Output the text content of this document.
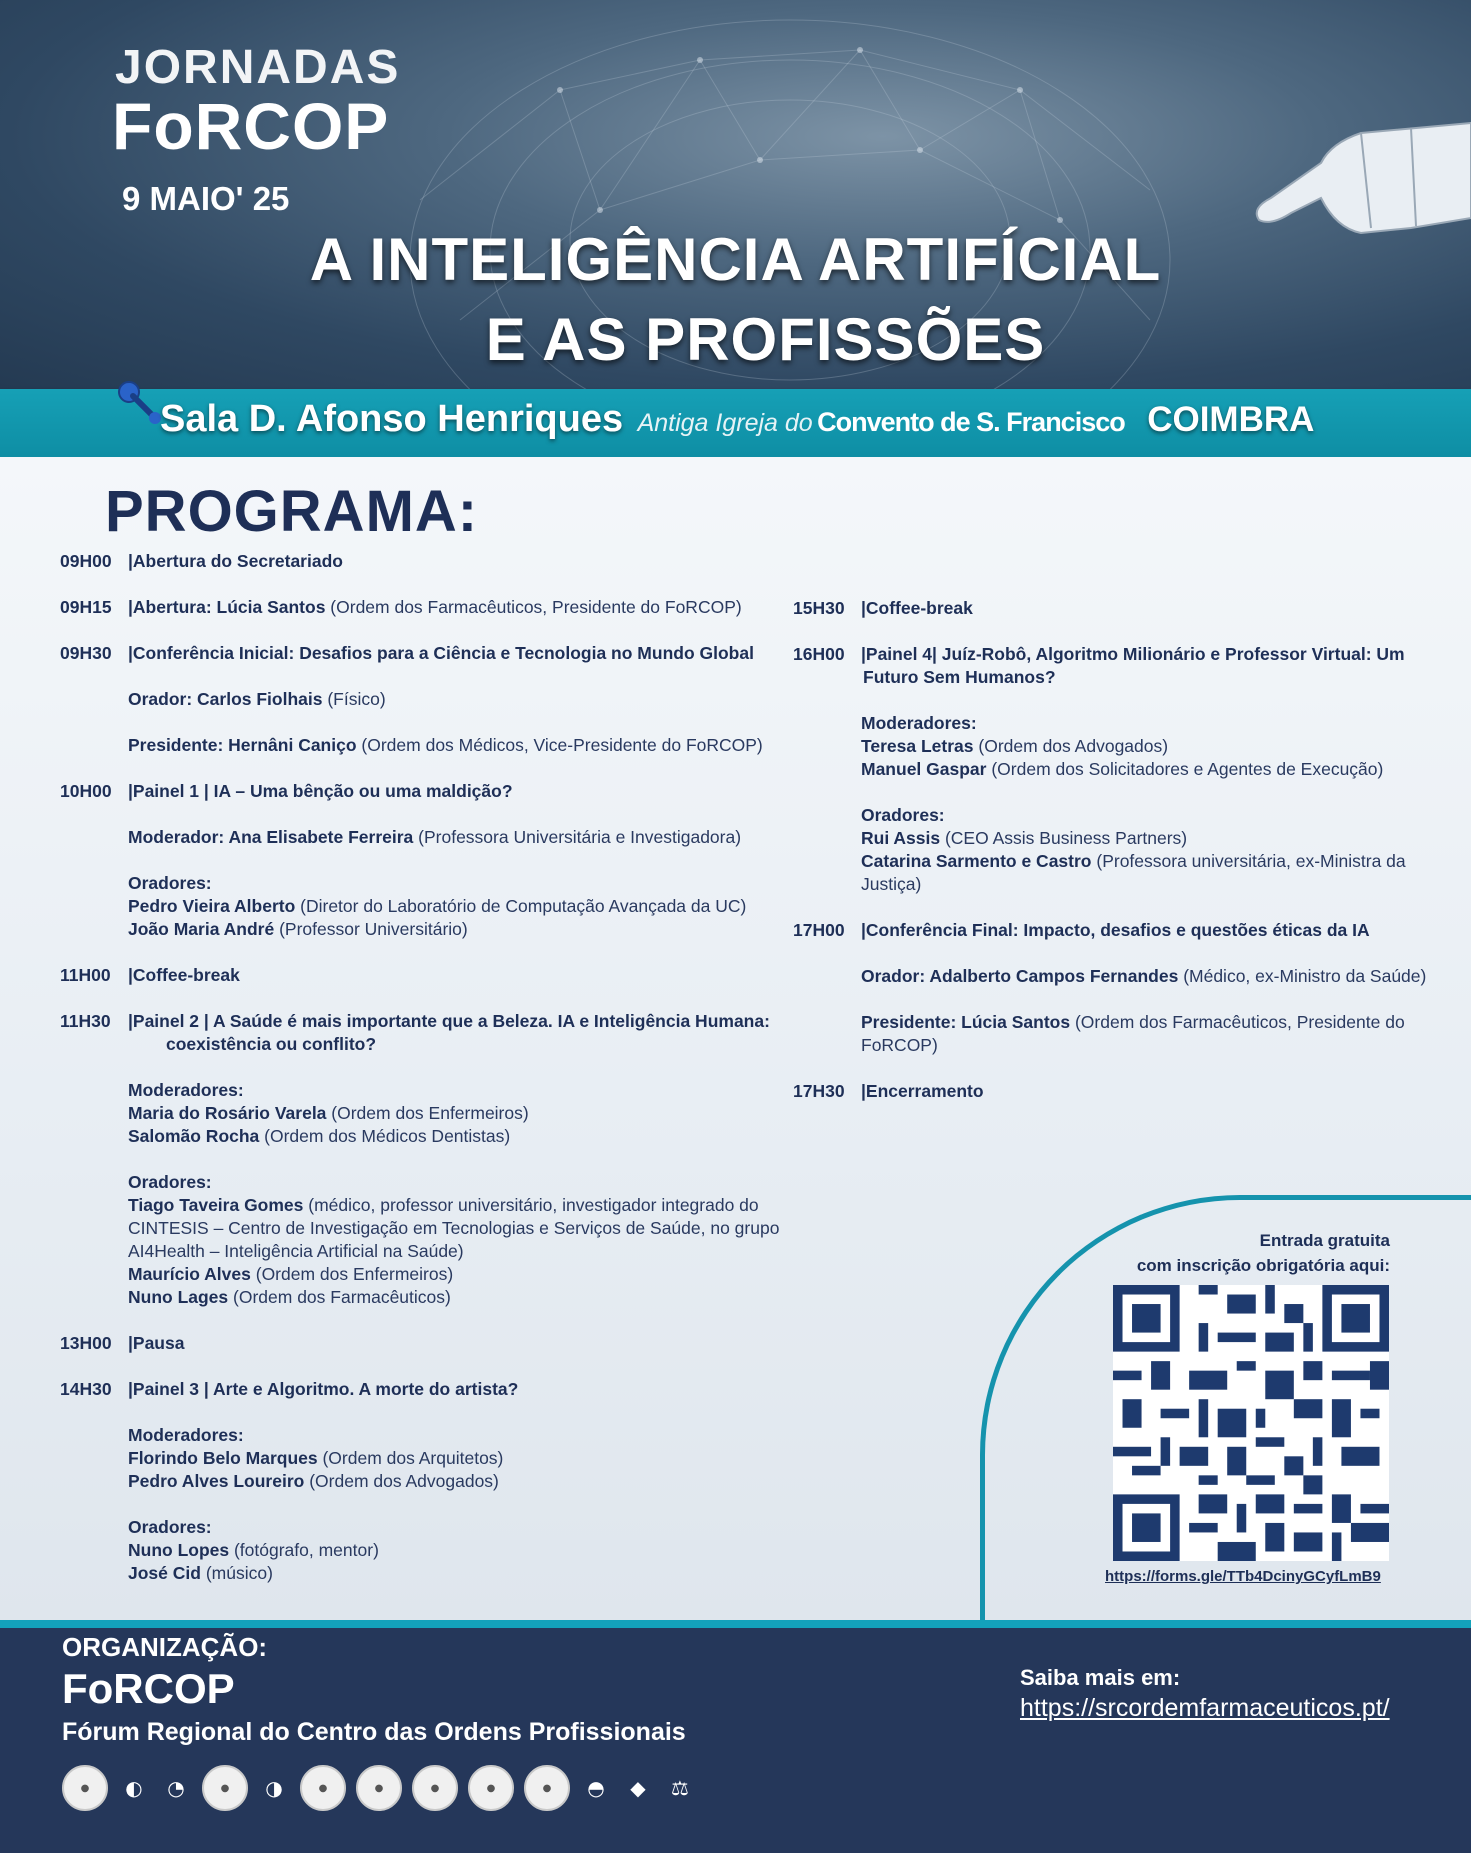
JORNADAS
FoRCOP
9 MAIO' 25
A INTELIGÊNCIA ARTIFÍCIAL
E AS PROFISSÕES
Sala D. Afonso Henriques Antiga Igreja do Convento de S. Francisco COIMBRA
PROGRAMA:
09H00 |Abertura do Secretariado
09H15 |Abertura: Lúcia Santos (Ordem dos Farmacêuticos, Presidente do FoRCOP)
09H30 |Conferência Inicial: Desafios para a Ciência e Tecnologia no Mundo Global
Orador: Carlos Fiolhais (Físico)
Presidente: Hernâni Caniço (Ordem dos Médicos, Vice-Presidente do FoRCOP)
10H00 |Painel 1 | IA – Uma bênção ou uma maldição?
Moderador: Ana Elisabete Ferreira (Professora Universitária e Investigadora)
Oradores:
Pedro Vieira Alberto (Diretor do Laboratório de Computação Avançada da UC)
João Maria André (Professor Universitário)
11H00 |Coffee-break
11H30 |Painel 2 | A Saúde é mais importante que a Beleza. IA e Inteligência Humana:
coexistência ou conflito?
Moderadores:
Maria do Rosário Varela (Ordem dos Enfermeiros)
Salomão Rocha (Ordem dos Médicos Dentistas)
Oradores:
Tiago Taveira Gomes (médico, professor universitário, investigador integrado do CINTESIS – Centro de Investigação em Tecnologias e Serviços de Saúde, no grupo AI4Health – Inteligência Artificial na Saúde)
Maurício Alves (Ordem dos Enfermeiros)
Nuno Lages (Ordem dos Farmacêuticos)
13H00 |Pausa
14H30 |Painel 3 | Arte e Algoritmo. A morte do artista?
Moderadores:
Florindo Belo Marques (Ordem dos Arquitetos)
Pedro Alves Loureiro (Ordem dos Advogados)
Oradores:
Nuno Lopes (fotógrafo, mentor)
José Cid (músico)
15H30 |Coffee-break
16H00 |Painel 4| Juíz-Robô, Algoritmo Milionário e Professor Virtual: Um
Futuro Sem Humanos?
Moderadores:
Teresa Letras (Ordem dos Advogados)
Manuel Gaspar (Ordem dos Solicitadores e Agentes de Execução)
Oradores:
Rui Assis (CEO Assis Business Partners)
Catarina Sarmento e Castro (Professora universitária, ex-Ministra da Justiça)
17H00 |Conferência Final: Impacto, desafios e questões éticas da IA
Orador: Adalberto Campos Fernandes (Médico, ex-Ministro da Saúde)
Presidente: Lúcia Santos (Ordem dos Farmacêuticos, Presidente do FoRCOP)
17H30 |Encerramento
Entrada gratuita
com inscrição obrigatória aqui:
https://forms.gle/TTb4DcinyGCyfLmB9
ORGANIZAÇÃO:
FoRCOP
Fórum Regional do Centro das Ordens Profissionais
Saiba mais em:
https://srcordemfarmaceuticos.pt/
●	◐	◔	●	◑	●	●	●	●	●	◓	◆	⚖
